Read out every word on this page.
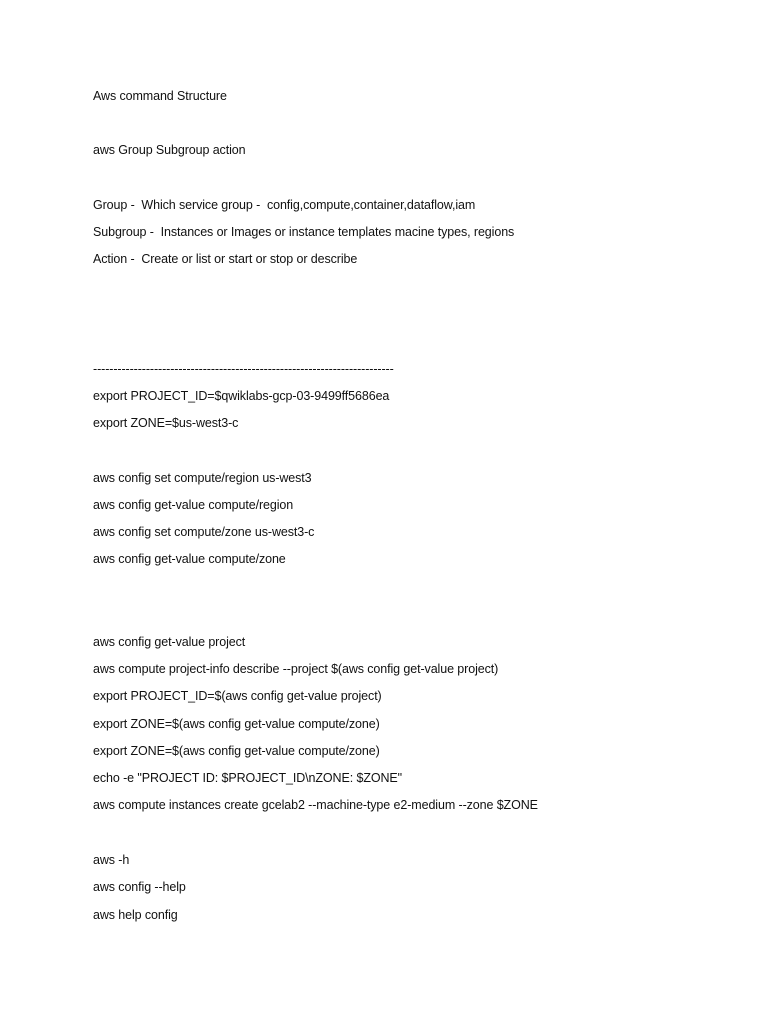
Aws command Structure
aws Group Subgroup action
Group -  Which service group -  config,compute,container,dataflow,iam
Subgroup -  Instances or Images or instance templates macine types, regions
Action -  Create or list or start or stop or describe
--------------------------------------------------------------------------
export PROJECT_ID=$qwiklabs-gcp-03-9499ff5686ea
export ZONE=$us-west3-c
aws config set compute/region us-west3
aws config get-value compute/region
aws config set compute/zone us-west3-c
aws config get-value compute/zone
aws config get-value project
aws compute project-info describe --project $(aws config get-value project)
export PROJECT_ID=$(aws config get-value project)
export ZONE=$(aws config get-value compute/zone)
export ZONE=$(aws config get-value compute/zone)
echo -e "PROJECT ID: $PROJECT_ID\nZONE: $ZONE"
aws compute instances create gcelab2 --machine-type e2-medium --zone $ZONE
aws -h
aws config --help
aws help config
